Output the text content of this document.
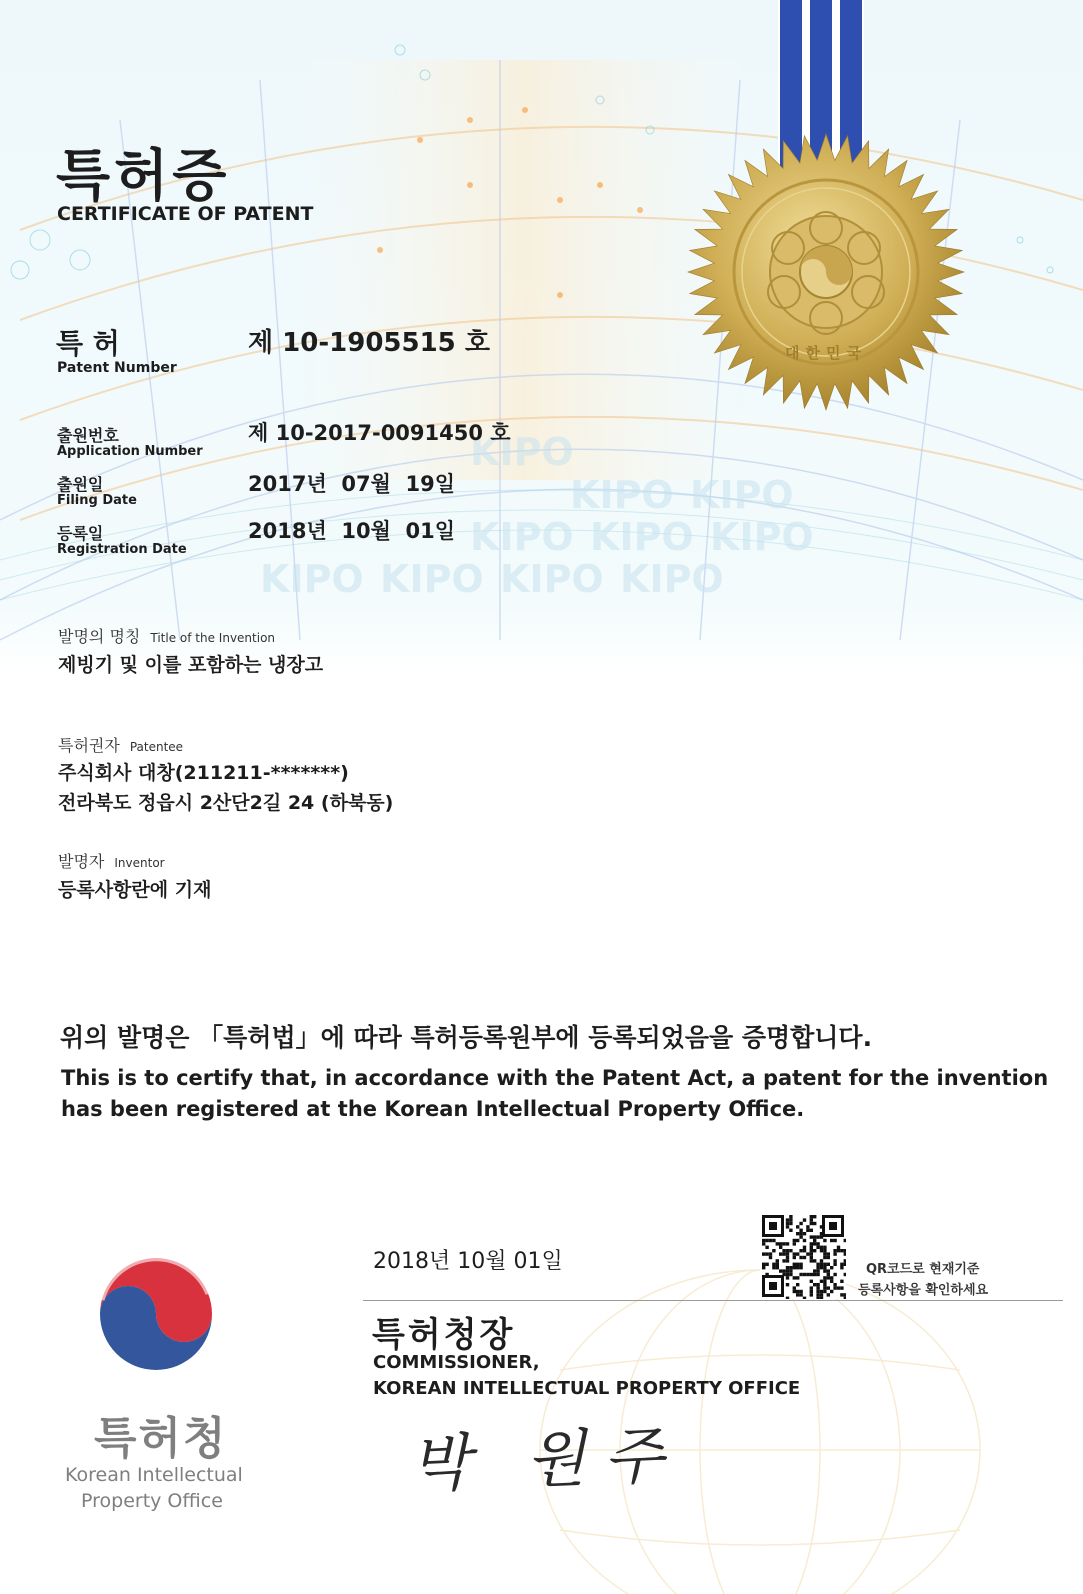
KIPO
KIPO KIPO
KIPO KIPO KIPO
KIPO KIPO KIPO KIPO
대한민국
특허증
CERTIFICATE OF PATENT
특 허
Patent Number
제 10-1905515 호
출원번호
Application Number
제 10-2017-0091450 호
출원일
Filing Date
2017년  07월  19일
등록일
Registration Date
2018년  10월  01일
발명의 명칭 Title of the Invention
제빙기 및 이를 포함하는 냉장고
특허권자 Patentee
주식회사 대창(211211-*******)
전라북도 정읍시 2산단2길 24 (하북동)
발명자 Inventor
등록사항란에 기재
위의 발명은 「특허법」에 따라 특허등록원부에 등록되었음을 증명합니다.
This is to certify that, in accordance with the Patent Act, a patent for the invention
has been registered at the Korean Intellectual Property Office.
2018년 10월 01일	QR코드로 현재기준
등록사항을 확인하세요
특허청장
COMMISSIONER,
KOREAN INTELLECTUAL PROPERTY OFFICE
박 원주
특허청
Korean Intellectual
Property Office
